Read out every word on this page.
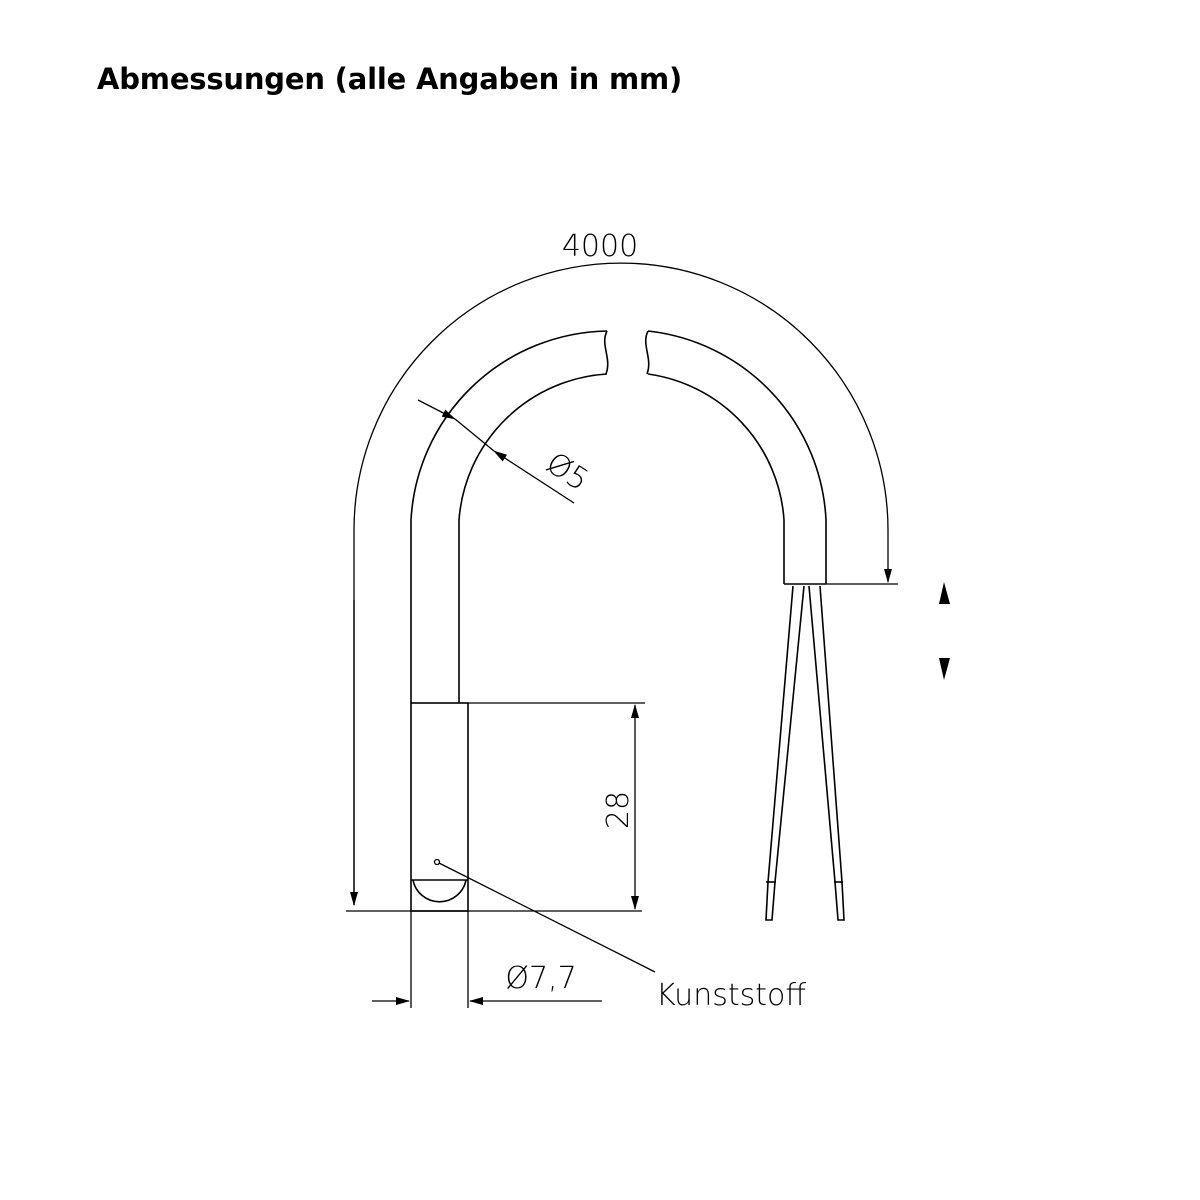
Abmessungen (alle Angaben in mm)
28
Ø7,7
Ø5
Kunststoff
4000
